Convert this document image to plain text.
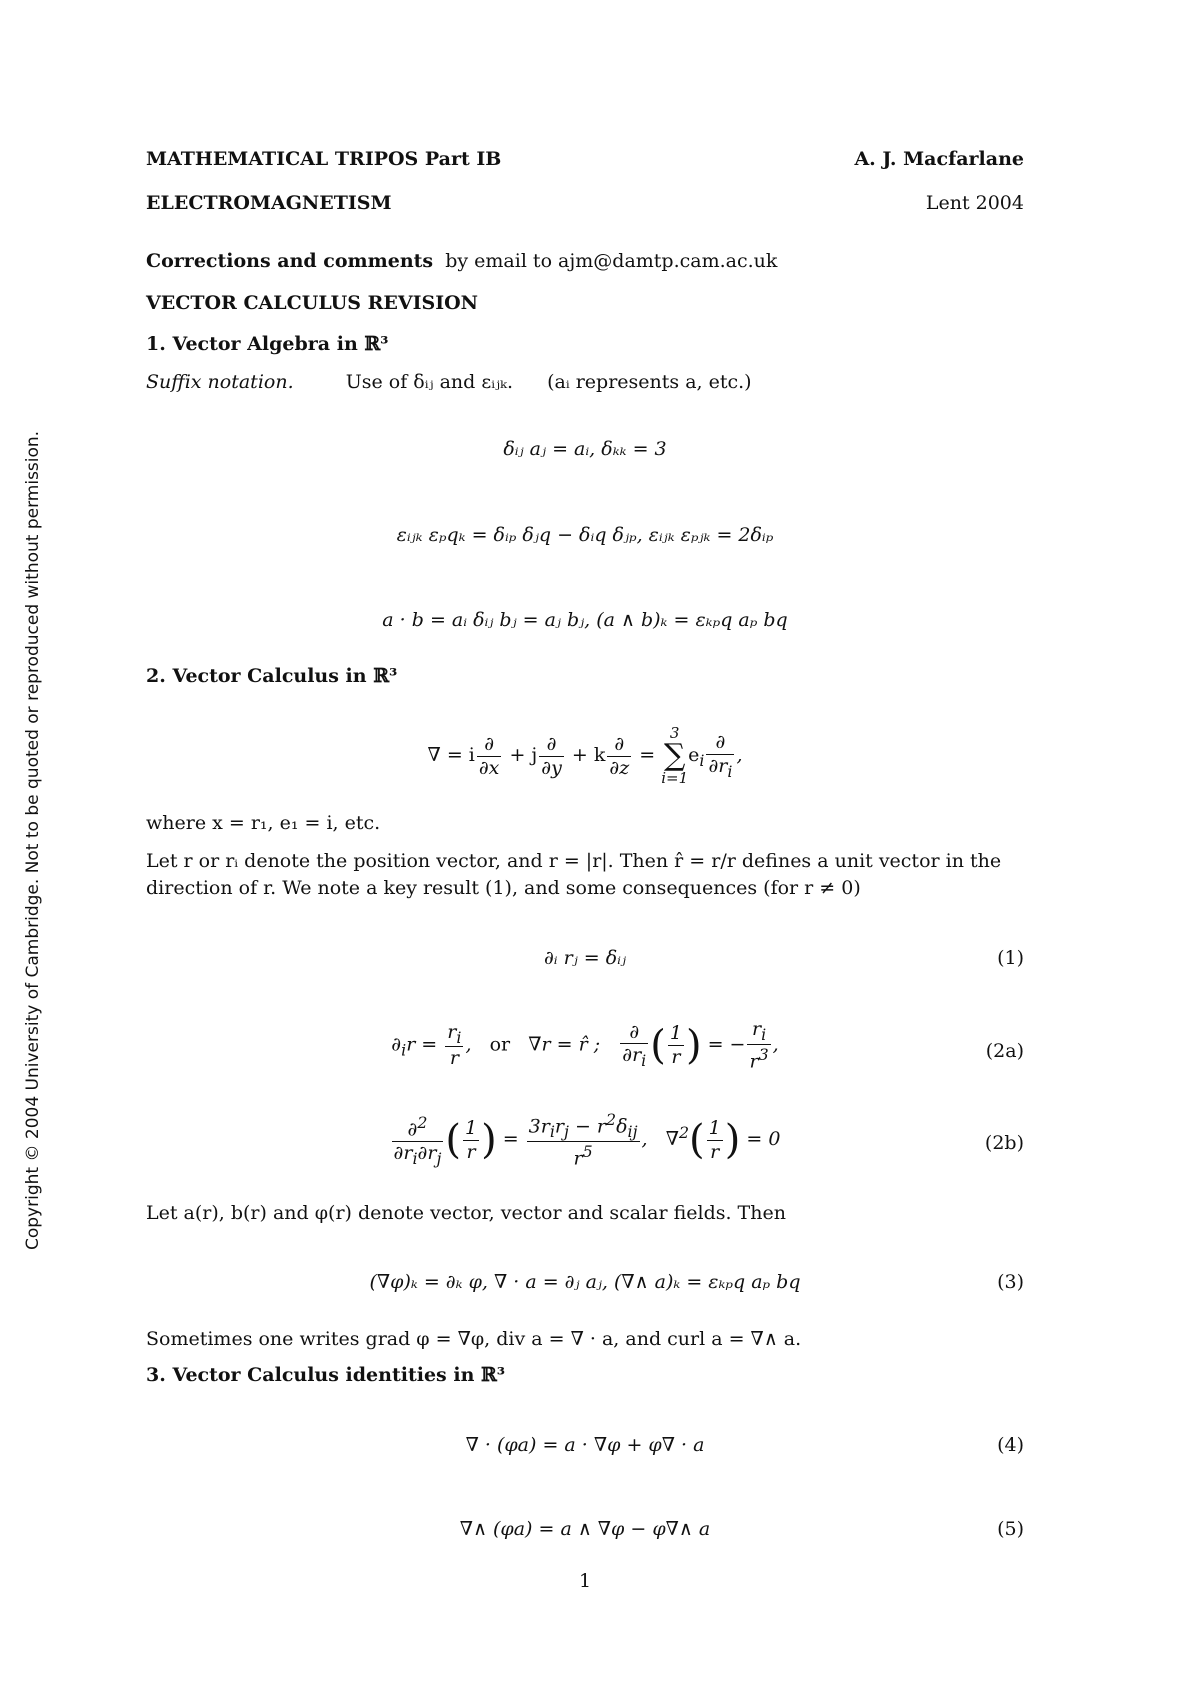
MATHEMATICAL TRIPOS Part IB	A. J. Macfarlane
ELECTROMAGNETISM	Lent 2004
Corrections and comments by email to ajm@damtp.cam.ac.uk
Copyright © 2004 University of Cambridge. Not to be quoted or reproduced without permission.
VECTOR CALCULUS REVISION
1. Vector Algebra in ℝ³
Suffix notation.	Use of δᵢⱼ and εᵢⱼₖ. (aᵢ represents a, etc.)
δᵢⱼ aⱼ = aᵢ, δₖₖ = 3
εᵢⱼₖ εₚ𝑞ₖ = δᵢₚ δⱼ𝑞 − δᵢ𝑞 δⱼₚ, εᵢⱼₖ εₚⱼₖ = 2δᵢₚ
a · b = aᵢ δᵢⱼ bⱼ = aⱼ bⱼ, (a ∧ b)ₖ = εₖₚ𝑞 aₚ b𝑞
2. Vector Calculus in ℝ³
∇ = i $\frac{\partial}{\partial x} + j \frac{\partial}{\partial y} + k \frac{\partial}{\partial z} = 3$
∑
$i=1e_i \frac{\partial}{\partial r_i}$ ,
where x = r₁, e₁ = i, etc.
Let r or rᵢ denote the position vector, and r = |r|. Then r̂ = r/r defines a unit vector in the direction of r. We note a key result (1), and some consequences (for r ≠ 0)
∂ᵢ rⱼ = δᵢⱼ	(1)
$\partial_ir = \frac{r_i}{r}$ ,   or   ∇r = r̂ ; $\frac{\partial}{\partial r_i}$ ( $\frac{1}{r}$ ) = − $\frac{r_i}{r^3}$ ,	(2a)
$\frac{\partial^2}{\partial r_i\partial r_j}$ ( $\frac{1}{r}$ ) = $\frac{3r_ir_j - r^2\delta_{ij}}{r^5}$ ,   $\nabla^2( \frac{1}{r}$ ) = 0	(2b)
Let a(r), b(r) and φ(r) denote vector, vector and scalar fields. Then
(∇φ)ₖ = ∂ₖ φ, ∇ · a = ∂ⱼ aⱼ, (∇∧ a)ₖ = εₖₚ𝑞 aₚ b𝑞	(3)
Sometimes one writes grad φ = ∇φ, div a = ∇ · a, and curl a = ∇∧ a.
3. Vector Calculus identities in ℝ³
∇ · (φa) = a · ∇φ + φ∇ · a	(4)
∇∧ (φa) = a ∧ ∇φ − φ∇∧ a	(5)
1
